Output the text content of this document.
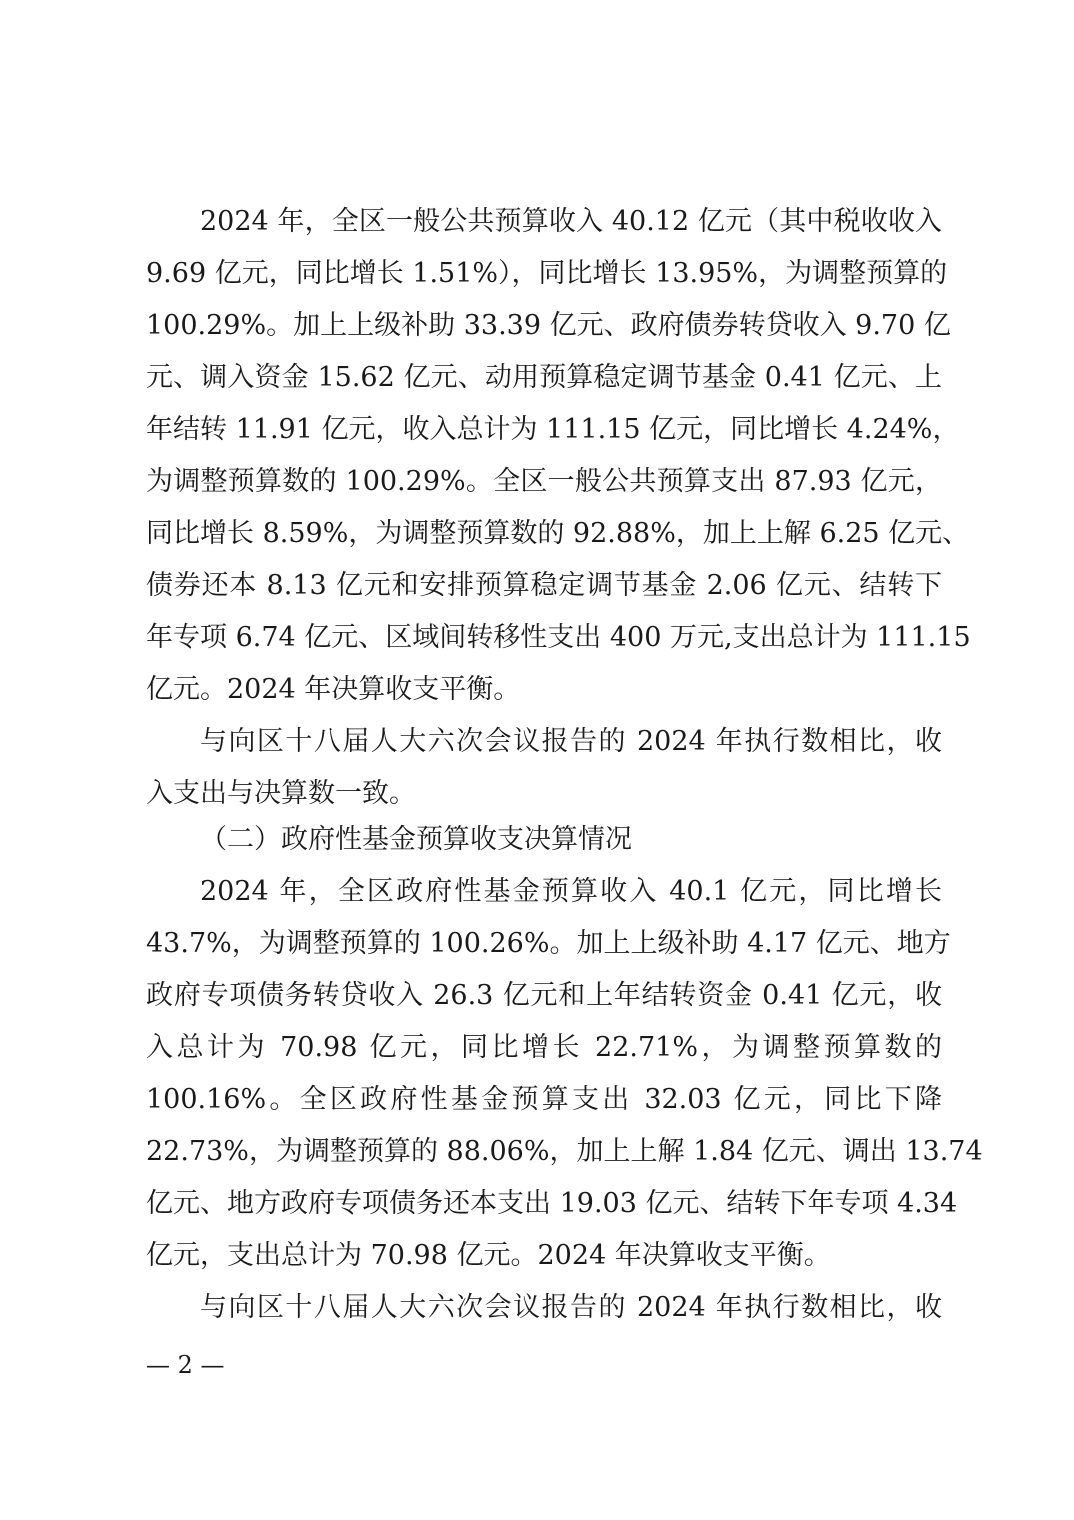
2024 年，全区一般公共预算收入 40.12 亿元（其中税收收入
9.69 亿元，同比增长 1.51%），同比增长 13.95%，为调整预算的
100.29%。加上上级补助 33.39 亿元、政府债券转贷收入 9.70 亿
元、调入资金 15.62 亿元、动用预算稳定调节基金 0.41 亿元、上
年结转 11.91 亿元，收入总计为 111.15 亿元，同比增长 4.24%，
为调整预算数的 100.29%。全区一般公共预算支出 87.93 亿元，
同比增长 8.59%，为调整预算数的 92.88%，加上上解 6.25 亿元、
债券还本 8.13 亿元和安排预算稳定调节基金 2.06 亿元、结转下
年专项 6.74 亿元、区域间转移性支出 400 万元,支出总计为 111.15
亿元。2024 年决算收支平衡。
与向区十八届人大六次会议报告的 2024 年执行数相比，收
入支出与决算数一致。
（二）政府性基金预算收支决算情况
2024 年，全区政府性基金预算收入 40.1 亿元，同比增长
43.7%，为调整预算的 100.26%。加上上级补助 4.17 亿元、地方
政府专项债务转贷收入 26.3 亿元和上年结转资金 0.41 亿元，收
入总计为 70.98 亿元，同比增长 22.71%，为调整预算数的
100.16%。全区政府性基金预算支出 32.03 亿元，同比下降
22.73%，为调整预算的 88.06%，加上上解 1.84 亿元、调出 13.74
亿元、地方政府专项债务还本支出 19.03 亿元、结转下年专项 4.34
亿元，支出总计为 70.98 亿元。2024 年决算收支平衡。
与向区十八届人大六次会议报告的 2024 年执行数相比，收
— 2 —
